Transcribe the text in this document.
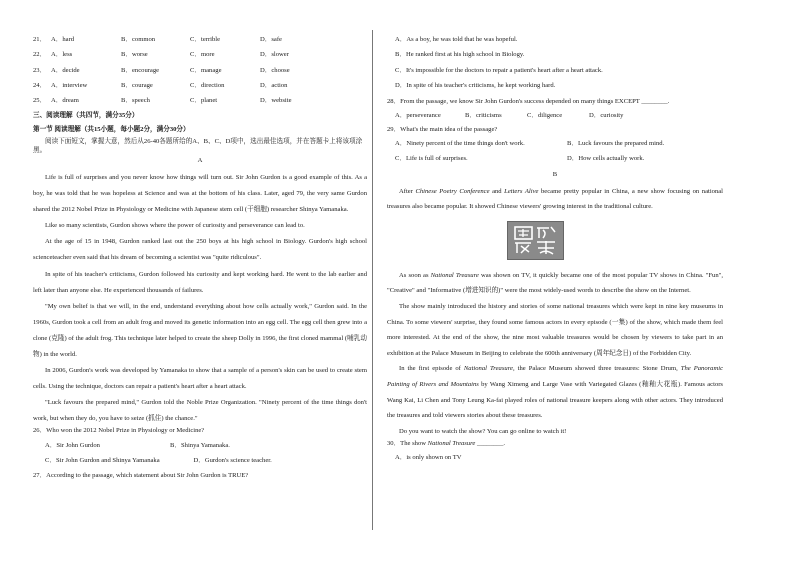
21． A．hard	B．common	C．terrible	D．safe
22． A．less	B．worse	C．more	D．slower
23． A．decide	B．encourage	C．manage	D．choose
24． A．interview	B．courage	C．direction	D．action
25． A．dream	B．speech	C．planet	D．website
三、阅读理解（共四节，满分35分）
第一节 阅读理解（共15小题，每小题2分，满分30分）
阅读下面短文，掌握大意，然后从26-40各题所给的A、B、C、D项中，选出最佳选项，并在答题卡上将该项涂黑。
A

Life is full of surprises and you never know how things will turn out. Sir John Gurdon is a good example of this. As a boy, he was told that he was hopeless at Science and was at the bottom of his class. Later, aged 79, the very same Gurdon shared the 2012 Nobel Prize in Physiology or Medicine with Japanese stem cell (干细胞) researcher Shinya Yamanaka.

Like so many scientists, Gurdon shows where the power of curiosity and perseverance can lead to.

At the age of 15 in 1948, Gurdon ranked last out the 250 boys at his high school in Biology. Gurdon's high school scienceteacher even said that his dream of becoming a scientist was "quite ridiculous".

In spite of his teacher's criticisms, Gurdon followed his curiosity and kept working hard. He went to the lab earlier and left later than anyone else. He experienced thousands of failures.

"My own belief is that we will, in the end, understand everything about how cells actually work," Gurdon said. In the 1960s, Gurdon took a cell from an adult frog and moved its genetic information into an egg cell. The egg cell then grew into a clone (克隆) of the adult frog. This technique later helped to create the sheep Dolly in 1996, the first cloned mammal (哺乳动物) in the world.

In 2006, Gurdon's work was developed by Yamanaka to show that a sample of a person's skin can be used to create stem cells. Using the technique, doctors can repair a patient's heart after a heart attack.

"Luck favours the prepared mind," Gurdon told the Noble Prize Organization. "Ninety percent of the time things don't work, but when they do, you have to seize (抓住) the chance."

26．Who won the 2012 Nobel Prize in Physiology or Medicine?
A．Sir John Gurdon	B．Shinya Yamanaka.
C．Sir John Gurdon and Shinya Yamanaka	D．Gurdon's science teacher.
27．According to the passage, which statement about Sir John Gurdon is TRUE?
A．As a boy, he was told that he was hopeful.
B．He ranked first at his high school in Biology.
C．It's impossible for the doctors to repair a patient's heart after a heart attack.
D．In spite of his teacher's criticisms, he kept working hard.
28．From the passage, we know Sir John Gurdon's success depended on many things EXCEPT ________.
A．perseverance	B．criticisms	C．diligence	D．curiosity
29．What's the main idea of the passage?
A．Ninety percent of the time things don't work.	B．Luck favours the prepared mind.
C．Life is full of surprises.	D．How cells actually work.
B

After Chinese Poetry Conference and Letters Alive became pretty popular in China, a new show focusing on national treasures also became popular. It showed Chinese viewers' growing interest in the traditional culture.

As soon as National Treasure was shown on TV, it quickly became one of the most popular TV shows in China. "Fun", "Creative" and "Informative (增进知识的)" were the most widely-used words to describe the show on the Internet.

The show mainly introduced the history and stories of some national treasures which were kept in nine key museums in China. To some viewers' surprise, they found some famous actors in every episode (一集) of the show, which made them feel more interested. At the end of the show, the nine most valuable treasures would be chosen by viewers to take part in an exhibition at the Palace Museum in Beijing to celebrate the 600th anniversary (周年纪念日) of the Forbidden City.

In the first episode of National Treasure, the Palace Museum showed three treasures: Stone Drum, The Panoramic Painting of Rivers and Mountains by Wang Ximeng and Large Vase with Variegated Glazes (釉釉大花瓶). Famous actors Wang Kai, Li Chen and Tony Leung Ka-fai played roles of national treasure keepers along with other actors. They introduced the treasures and told viewers stories about these treasures.

Do you want to watch the show? You can go online to watch it!

30．The show National Treasure ________.
A．is only shown on TV
